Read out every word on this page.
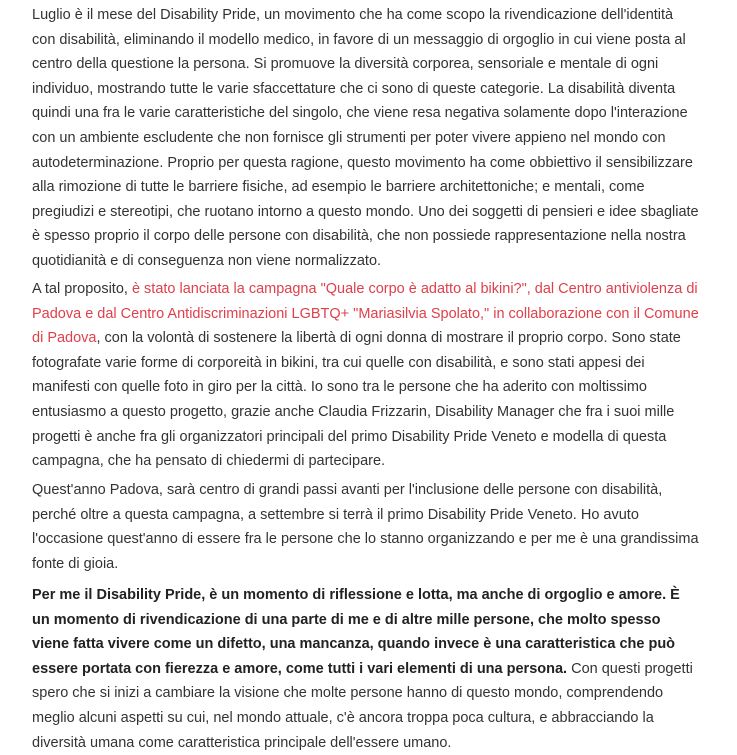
Luglio è il mese del Disability Pride, un movimento che ha come scopo la rivendicazione dell'identità con disabilità, eliminando il modello medico, in favore di un messaggio di orgoglio in cui viene posta al centro della questione la persona. Si promuove la diversità corporea, sensoriale e mentale di ogni individuo, mostrando tutte le varie sfaccettature che ci sono di queste categorie. La disabilità diventa quindi una fra le varie caratteristiche del singolo, che viene resa negativa solamente dopo l'interazione con un ambiente escludente che non fornisce gli strumenti per poter vivere appieno nel mondo con autodeterminazione. Proprio per questa ragione, questo movimento ha come obbiettivo il sensibilizzare alla rimozione di tutte le barriere fisiche, ad esempio le barriere architettoniche; e mentali, come pregiudizi e stereotipi, che ruotano intorno a questo mondo. Uno dei soggetti di pensieri e idee sbagliate è spesso proprio il corpo delle persone con disabilità, che non possiede rappresentazione nella nostra quotidianità e di conseguenza non viene normalizzato.

A tal proposito, è stato lanciata la campagna "Quale corpo è adatto al bikini?", dal Centro antiviolenza di Padova e dal Centro Antidiscriminazioni LGBTQ+ "Mariasilvia Spolato," in collaborazione con il Comune di Padova, con la volontà di sostenere la libertà di ogni donna di mostrare il proprio corpo. Sono state fotografate varie forme di corporeità in bikini, tra cui quelle con disabilità, e sono stati appesi dei manifesti con quelle foto in giro per la città. Io sono tra le persone che ha aderito con moltissimo entusiasmo a questo progetto, grazie anche Claudia Frizzarin, Disability Manager che fra i suoi mille progetti è anche fra gli organizzatori principali del primo Disability Pride Veneto e modella di questa campagna, che ha pensato di chiedermi di partecipare.

Quest'anno Padova, sarà centro di grandi passi avanti per l'inclusione delle persone con disabilità, perché oltre a questa campagna, a settembre si terrà il primo Disability Pride Veneto. Ho avuto l'occasione quest'anno di essere fra le persone che lo stanno organizzando e per me è una grandissima fonte di gioia.

Per me il Disability Pride, è un momento di riflessione e lotta, ma anche di orgoglio e amore. È un momento di rivendicazione di una parte di me e di altre mille persone, che molto spesso viene fatta vivere come un difetto, una mancanza, quando invece è una caratteristica che può essere portata con fierezza e amore, come tutti i vari elementi di una persona. Con questi progetti spero che si inizi a cambiare la visione che molte persone hanno di questo mondo, comprendendo meglio alcuni aspetti su cui, nel mondo attuale, c'è ancora troppa poca cultura, e abbracciando la diversità umana come caratteristica principale dell'essere umano.
